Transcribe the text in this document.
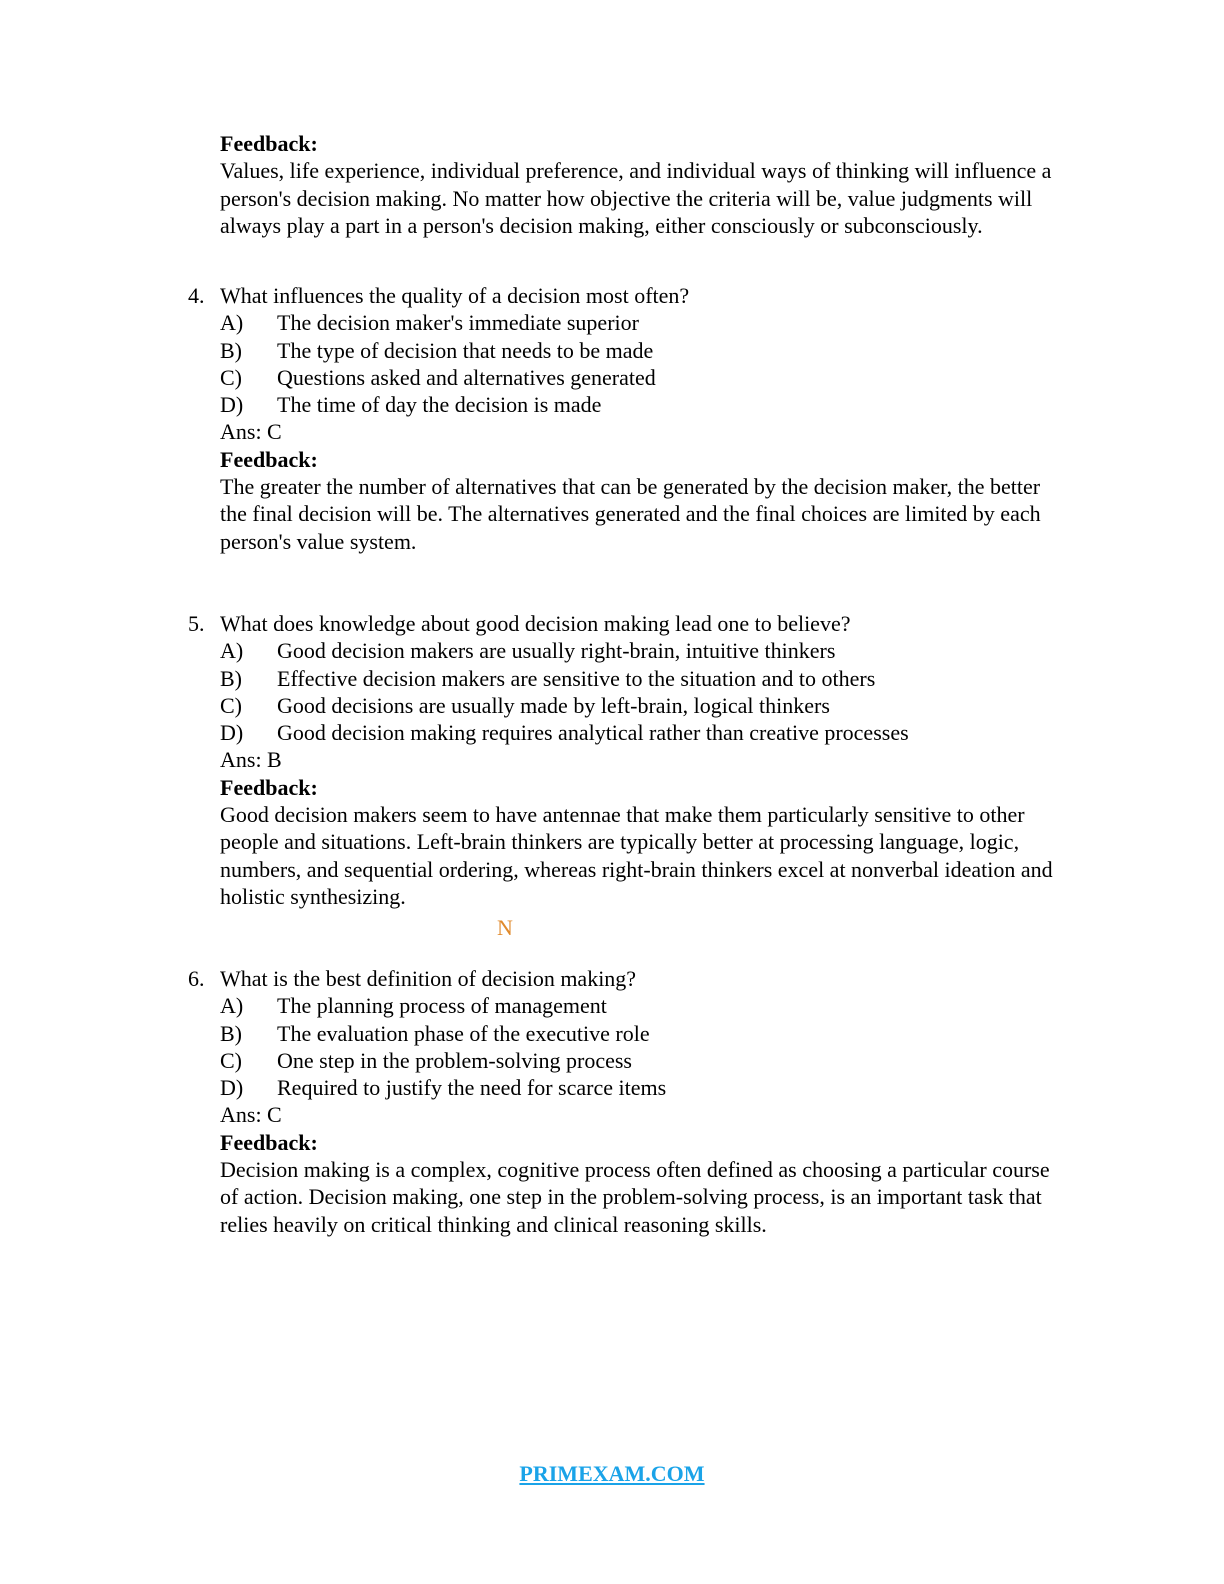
Feedback:

Values, life experience, individual preference, and individual ways of thinking will influence a person's decision making. No matter how objective the criteria will be, value judgments will always play a part in a person's decision making, either consciously or subconsciously.

4. What influences the quality of a decision most often?
A)	The decision maker's immediate superior
B)	The type of decision that needs to be made
C)	Questions asked and alternatives generated
D)	The time of day the decision is made
Ans: C
Feedback:

The greater the number of alternatives that can be generated by the decision maker, the better the final decision will be. The alternatives generated and the final choices are limited by each person's value system.

5. What does knowledge about good decision making lead one to believe?
A)	Good decision makers are usually right-brain, intuitive thinkers
B)	Effective decision makers are sensitive to the situation and to others
C)	Good decisions are usually made by left-brain, logical thinkers
D)	Good decision making requires analytical rather than creative processes
Ans: B
Feedback:

Good decision makers seem to have antennae that make them particularly sensitive to other people and situations. Left-brain thinkers are typically better at processing language, logic, numbers, and sequential ordering, whereas right-brain thinkers excel at nonverbal ideation and holistic synthesizing.

N
6. What is the best definition of decision making?
A)	The planning process of management
B)	The evaluation phase of the executive role
C)	One step in the problem-solving process
D)	Required to justify the need for scarce items
Ans: C
Feedback:

Decision making is a complex, cognitive process often defined as choosing a particular course of action. Decision making, one step in the problem-solving process, is an important task that relies heavily on critical thinking and clinical reasoning skills.

PRIMEXAM.COM
